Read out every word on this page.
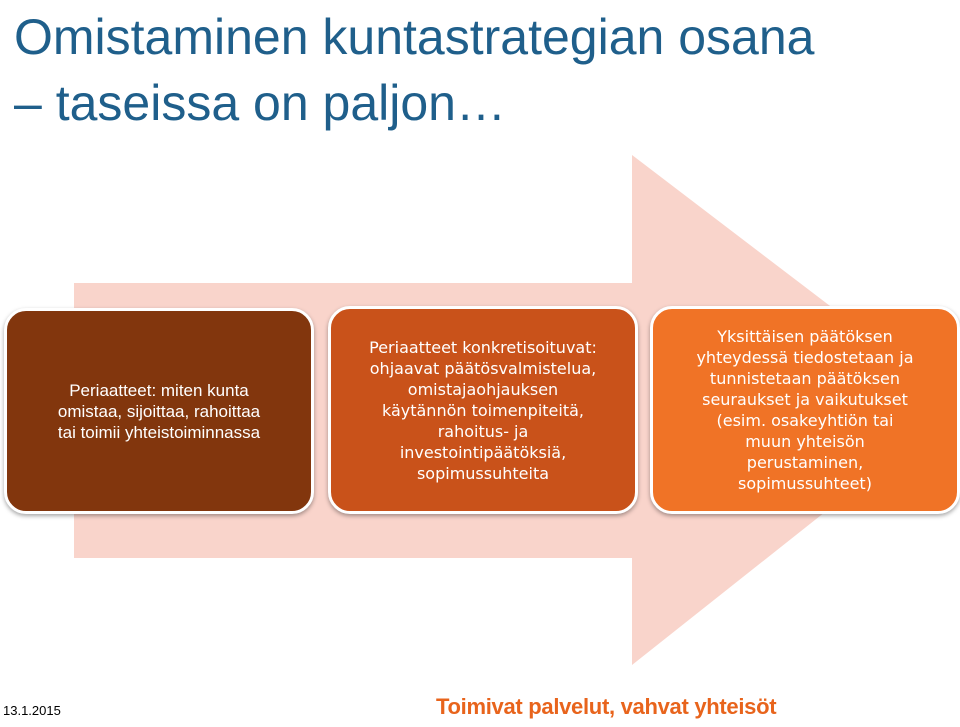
Omistaminen kuntastrategian osana
– taseissa on paljon…
Periaatteet: miten kunta
omistaa, sijoittaa, rahoittaa
tai toimii yhteistoiminnassa
Periaatteet konkretisoituvat:
ohjaavat päätösvalmistelua,
omistajaohjauksen
käytännön toimenpiteitä,
rahoitus- ja
investointipäätöksiä,
sopimussuhteita
Yksittäisen päätöksen
yhteydessä tiedostetaan ja
tunnistetaan päätöksen
seuraukset ja vaikutukset
(esim. osakeyhtiön tai
muun yhteisön
perustaminen,
sopimussuhteet)
13.1.2015	Toimivat palvelut, vahvat yhteisöt
